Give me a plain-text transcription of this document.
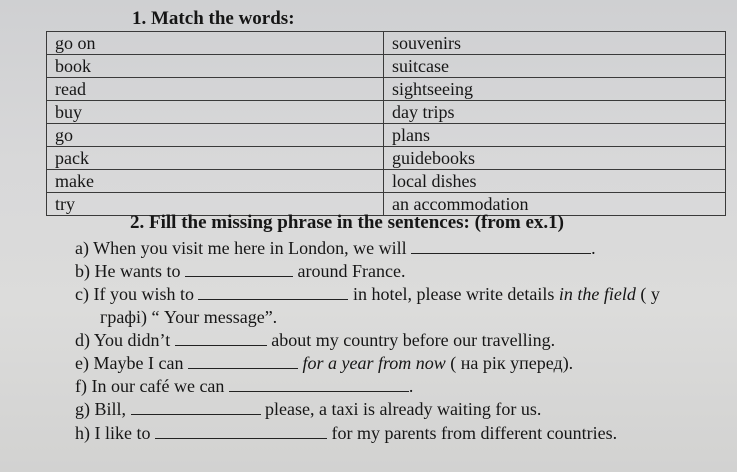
1. Match the words:
go on	souvenirs
book	suitcase
read	sightseeing
buy	day trips
go	plans
pack	guidebooks
make	local dishes
try	an accommodation
2. Fill the missing phrase in the sentences: (from ex.1)
a) When you visit me here in London, we will	.
b) He wants to	around France.
c) If you wish to	in hotel, please write details in the field ( y
графі) “ Your message”.
d) You didn’t	about my country before our travelling.
e) Maybe I can	for a year from now ( на рік уперед).
f) In our café we can	.
g) Bill,	please, a taxi is already waiting for us.
h) I like to	for my parents from different countries.
